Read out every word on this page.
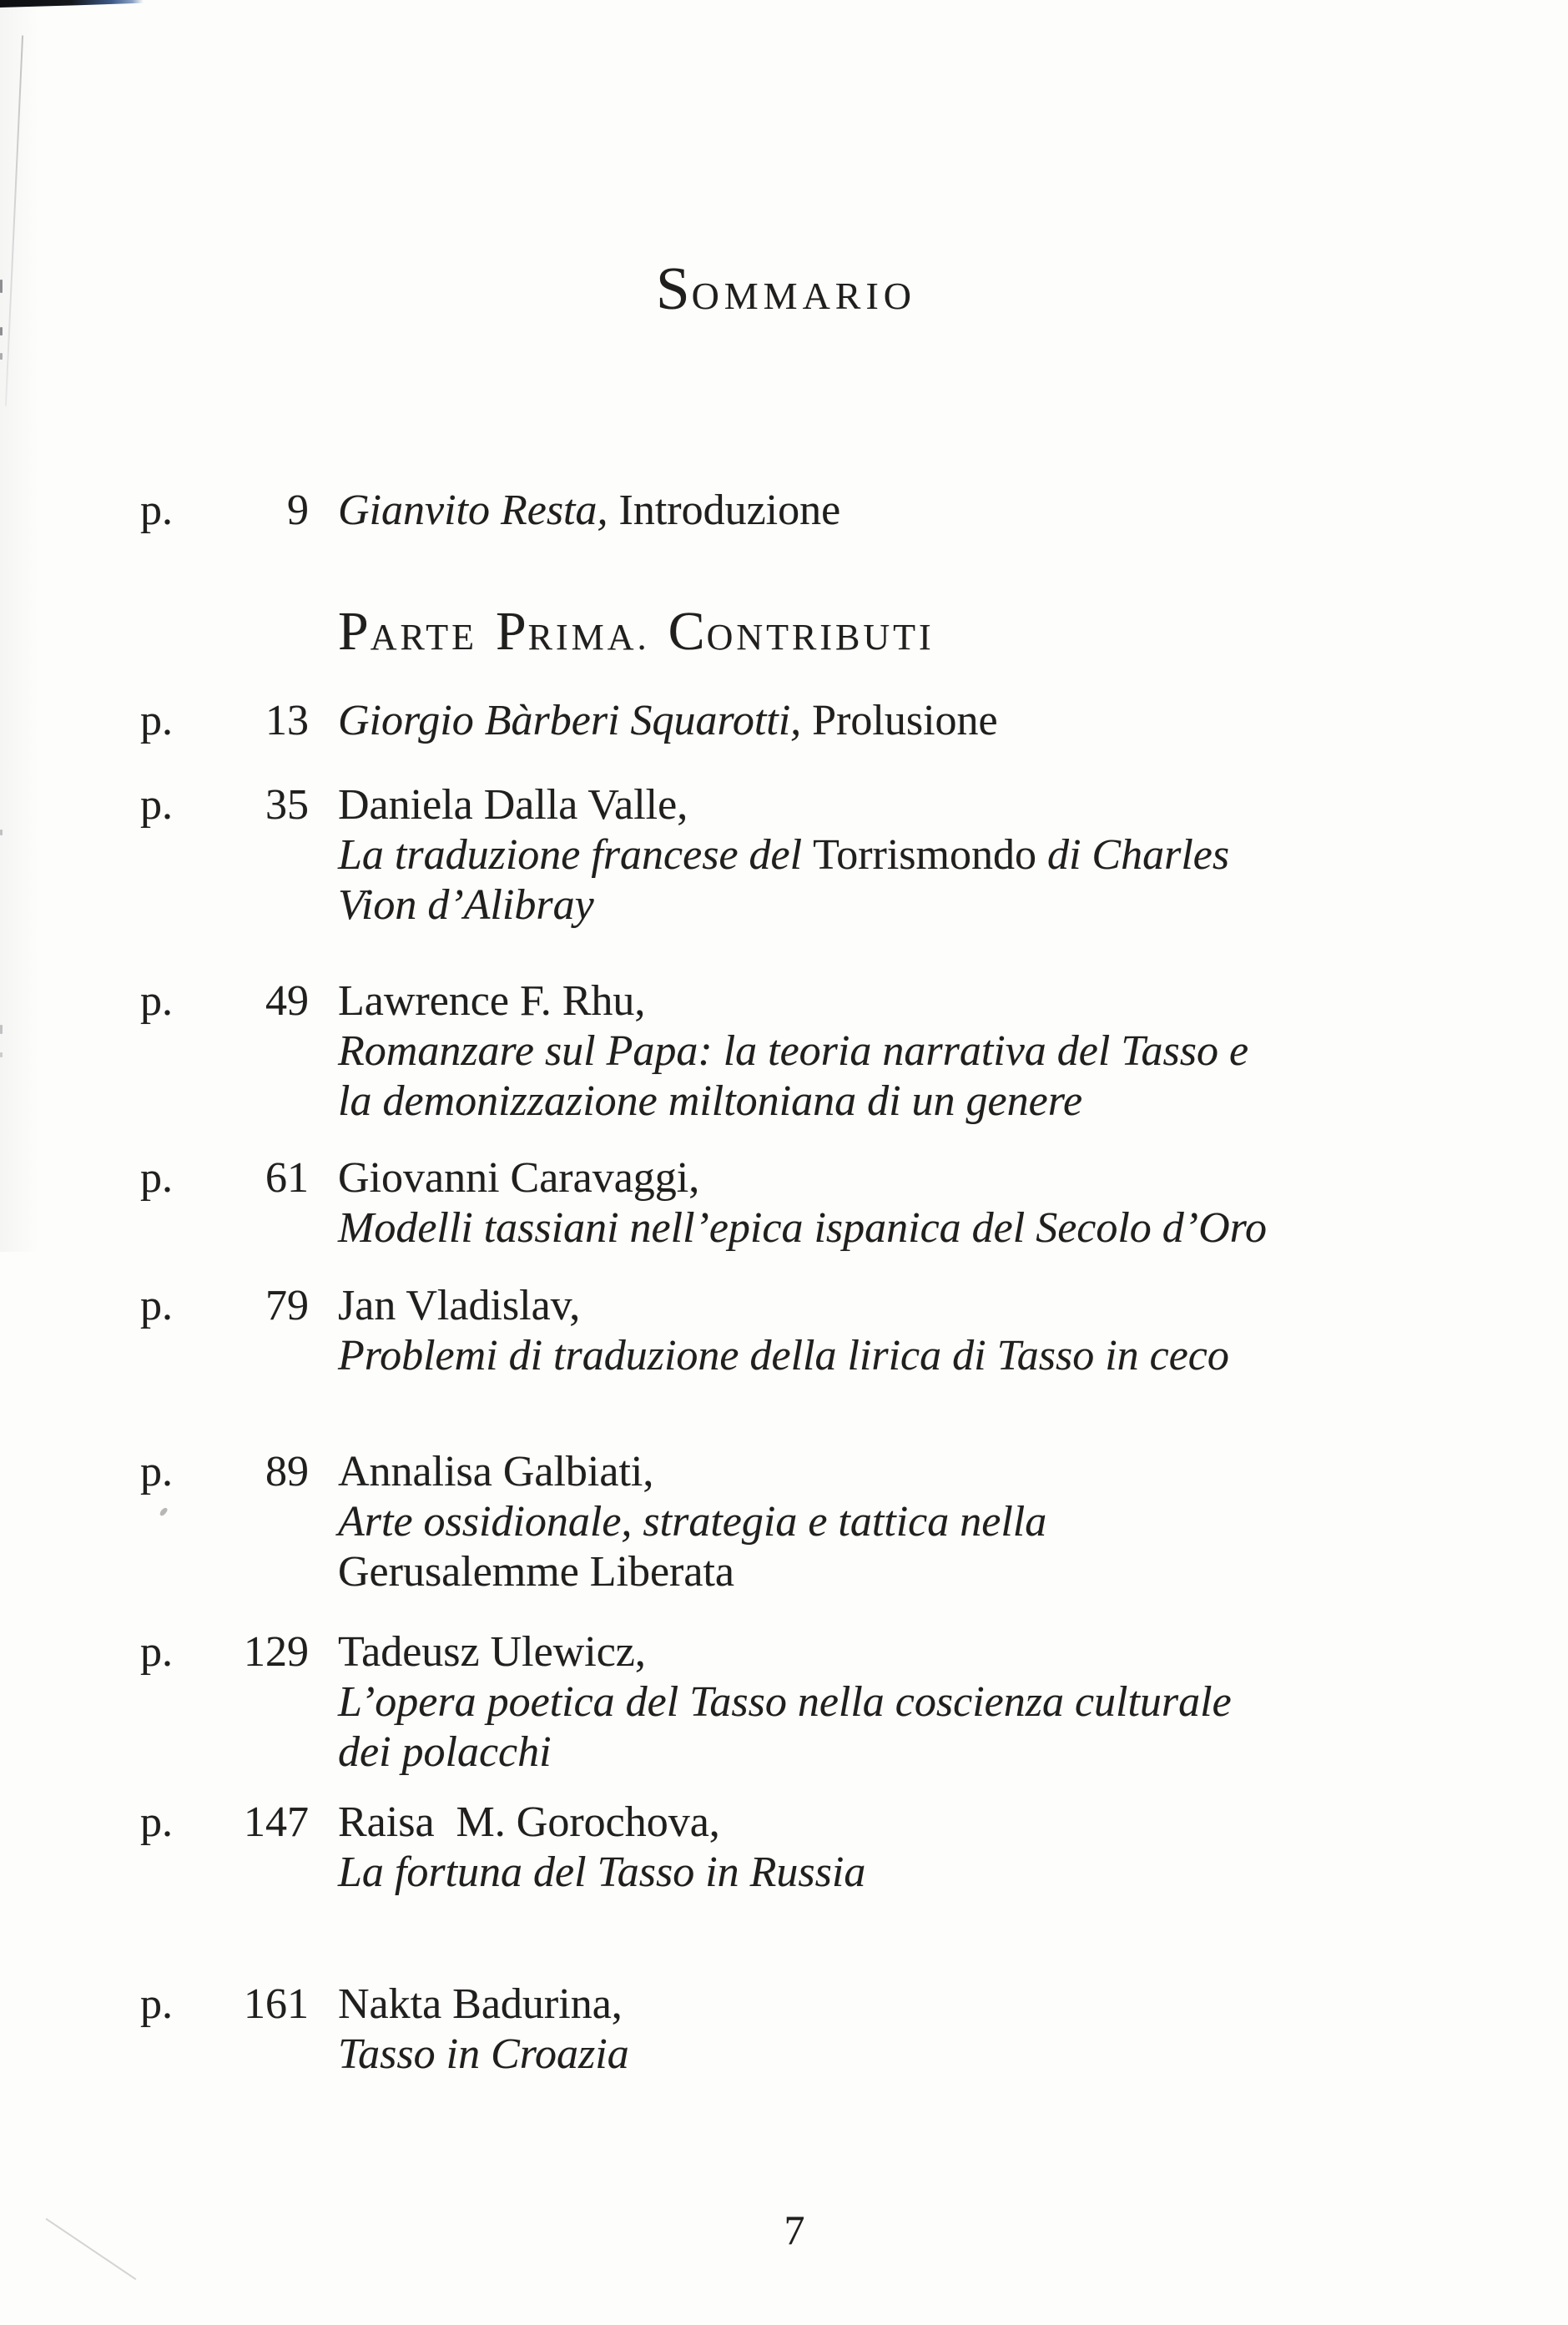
SOMMARIO
PARTE PRIMA. CONTRIBUTI
p.	9 Gianvito Resta, Introduzione
p.	13 Giorgio Bàrberi Squarotti, Prolusione
p.	35 Daniela Dalla Valle,
La traduzione francese del Torrismondo di Charles
Vion d’Alibray
p.	49 Lawrence F. Rhu,
Romanzare sul Papa: la teoria narrativa del Tasso e
la demonizzazione miltoniana di un genere
p.	61 Giovanni Caravaggi,
Modelli tassiani nell’epica ispanica del Secolo d’Oro
p.	79 Jan Vladislav,
Problemi di traduzione della lirica di Tasso in ceco
p.	89 Annalisa Galbiati,
Arte ossidionale, strategia e tattica nella
Gerusalemme Liberata
p.	129 Tadeusz Ulewicz,
L’opera poetica del Tasso nella coscienza culturale
dei polacchi
p.	147 Raisa  M. Gorochova,
La fortuna del Tasso in Russia
p.	161 Nakta Badurina,
Tasso in Croazia
7
